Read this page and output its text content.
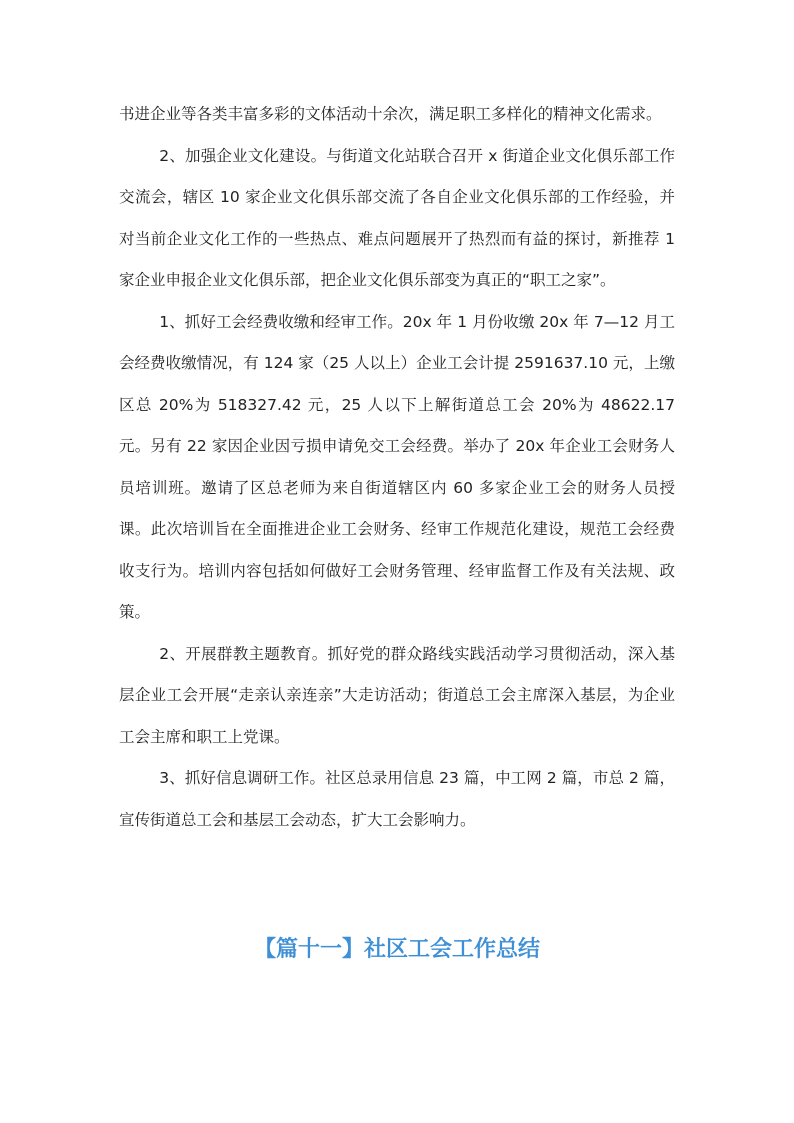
书进企业等各类丰富多彩的文体活动十余次，满足职工多样化的精神文化需求。

2、加强企业文化建设。与街道文化站联合召开 x 街道企业文化俱乐部工作交流会，辖区 10 家企业文化俱乐部交流了各自企业文化俱乐部的工作经验，并对当前企业文化工作的一些热点、难点问题展开了热烈而有益的探讨，新推荐 1 家企业申报企业文化俱乐部，把企业文化俱乐部变为真正的“职工之家”。

1、抓好工会经费收缴和经审工作。20x 年 1 月份收缴 20x 年 7—12 月工会经费收缴情况，有 124 家（25 人以上）企业工会计提 2591637.10 元，上缴区总 20%为 518327.42 元，25 人以下上解街道总工会 20%为 48622.17 元。另有 22 家因企业因亏损申请免交工会经费。举办了 20x 年企业工会财务人员培训班。邀请了区总老师为来自街道辖区内 60 多家企业工会的财务人员授课。此次培训旨在全面推进企业工会财务、经审工作规范化建设，规范工会经费收支行为。培训内容包括如何做好工会财务管理、经审监督工作及有关法规、政策。

2、开展群教主题教育。抓好党的群众路线实践活动学习贯彻活动，深入基层企业工会开展“走亲认亲连亲”大走访活动；街道总工会主席深入基层，为企业工会主席和职工上党课。

3、抓好信息调研工作。社区总录用信息 23 篇，中工网 2 篇，市总 2 篇，宣传街道总工会和基层工会动态，扩大工会影响力。

【篇十一】社区工会工作总结
